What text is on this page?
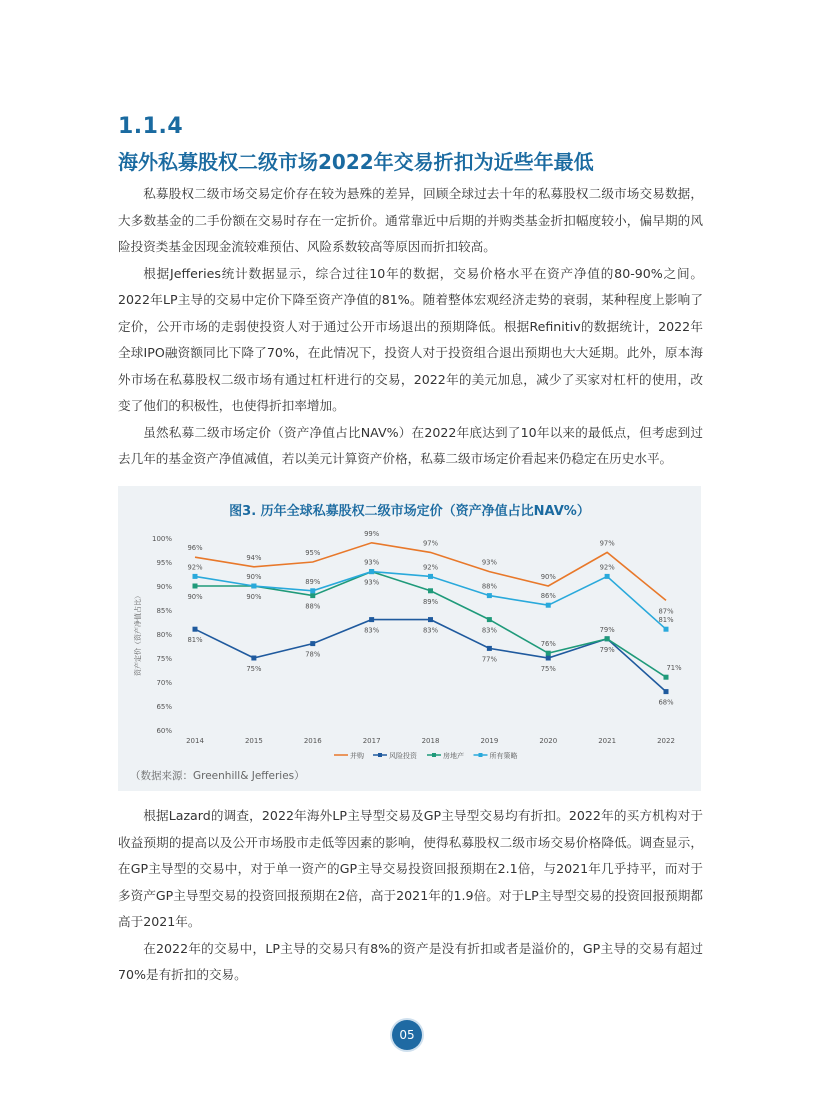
1.1.4
海外私募股权二级市场2022年交易折扣为近些年最低

私募股权二级市场交易定价存在较为悬殊的差异，回顾全球过去十年的私募股权二级市场交易数据，大多数基金的二手份额在交易时存在一定折价。通常靠近中后期的并购类基金折扣幅度较小，偏早期的风险投资类基金因现金流较难预估、风险系数较高等原因而折扣较高。

根据Jefferies统计数据显示，综合过往10年的数据，交易价格水平在资产净值的80-90%之间。2022年LP主导的交易中定价下降至资产净值的81%。随着整体宏观经济走势的衰弱，某种程度上影响了定价，公开市场的走弱使投资人对于通过公开市场退出的预期降低。根据Refinitiv的数据统计，2022年全球IPO融资额同比下降了70%，在此情况下，投资人对于投资组合退出预期也大大延期。此外，原本海外市场在私募股权二级市场有通过杠杆进行的交易，2022年的美元加息，减少了买家对杠杆的使用，改变了他们的积极性，也使得折扣率增加。

虽然私募二级市场定价（资产净值占比NAV%）在2022年底达到了10年以来的最低点，但考虑到过去几年的基金资产净值减值，若以美元计算资产价格，私募二级市场定价看起来仍稳定在历史水平。

60%
65%
70%
75%
80%
85%
90%
95%
100%
资产定价（资产净值占比）
2014	2015	2016	2017	2018	2019	2020	2021	2022
96%
94%
95%
99%
97%
93%
90%
97%
87%
81%
75%
78%
83%	83%
77%
75%
79%
68%
90%	90%
88%
93%
89%
83%
76%
79%
71%
92%
90%
89%
93%
92%
88%
86%
92%
81%
并购	风险投资	房地产	所有策略
图3. 历年全球私募股权二级市场定价（资产净值占比NAV%）
（数据来源：Greenhill& Jefferies）

根据Lazard的调查，2022年海外LP主导型交易及GP主导型交易均有折扣。2022年的买方机构对于收益预期的提高以及公开市场股市走低等因素的影响，使得私募股权二级市场交易价格降低。调查显示，在GP主导型的交易中，对于单一资产的GP主导交易投资回报预期在2.1倍，与2021年几乎持平，而对于多资产GP主导型交易的投资回报预期在2倍，高于2021年的1.9倍。对于LP主导型交易的投资回报预期都高于2021年。

在2022年的交易中，LP主导的交易只有8%的资产是没有折扣或者是溢价的，GP主导的交易有超过70%是有折扣的交易。

05
